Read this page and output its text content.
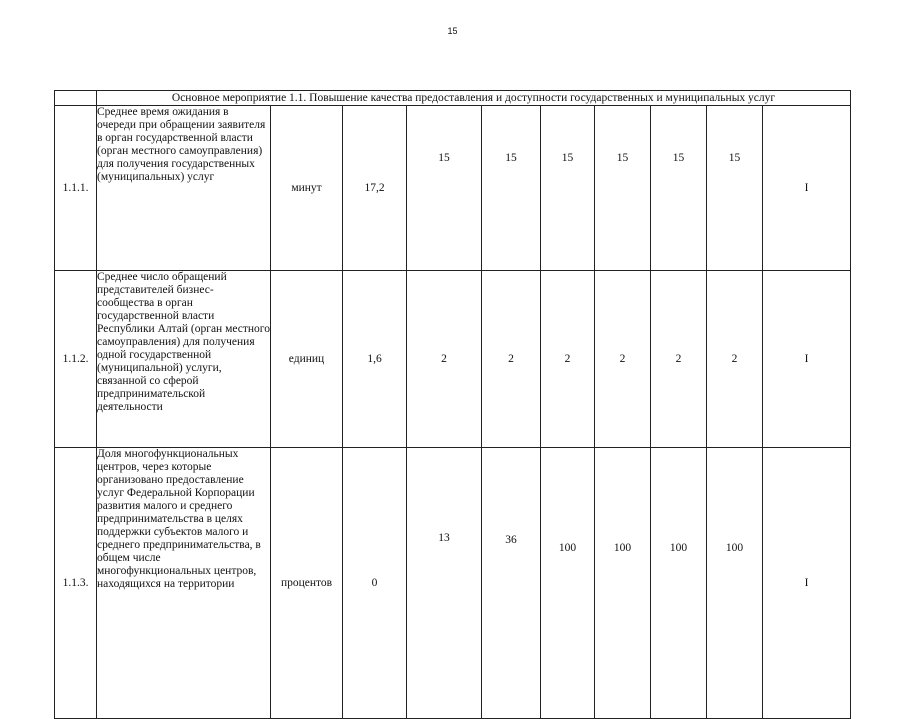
15
	Основное мероприятие 1.1. Повышение качества предоставления и доступности государственных и муниципальных услуг									
1.1.1.	Среднее время ожидания в очереди при обращении заявителя в орган государственной власти (орган местного самоуправления) для получения государственных (муниципальных) услуг	минут	17,2	15	15	15	15	15	15	I
1.1.2.	Среднее число обращений представителей бизнес-сообщества в орган государственной власти Республики Алтай (орган местного самоуправления) для получения одной государственной (муниципальной) услуги, связанной со сферой предпринимательской деятельности	единиц	1,6	2	2	2	2	2	2	I
1.1.3.	Доля многофункциональных центров, через которые организовано предоставление услуг Федеральной Корпорации развития малого и среднего предпринимательства в целях поддержки субъектов малого и среднего предпринимательства, в общем числе многофункциональных центров, находящихся на территории	процентов	0	13	36	100	100	100	100	I
